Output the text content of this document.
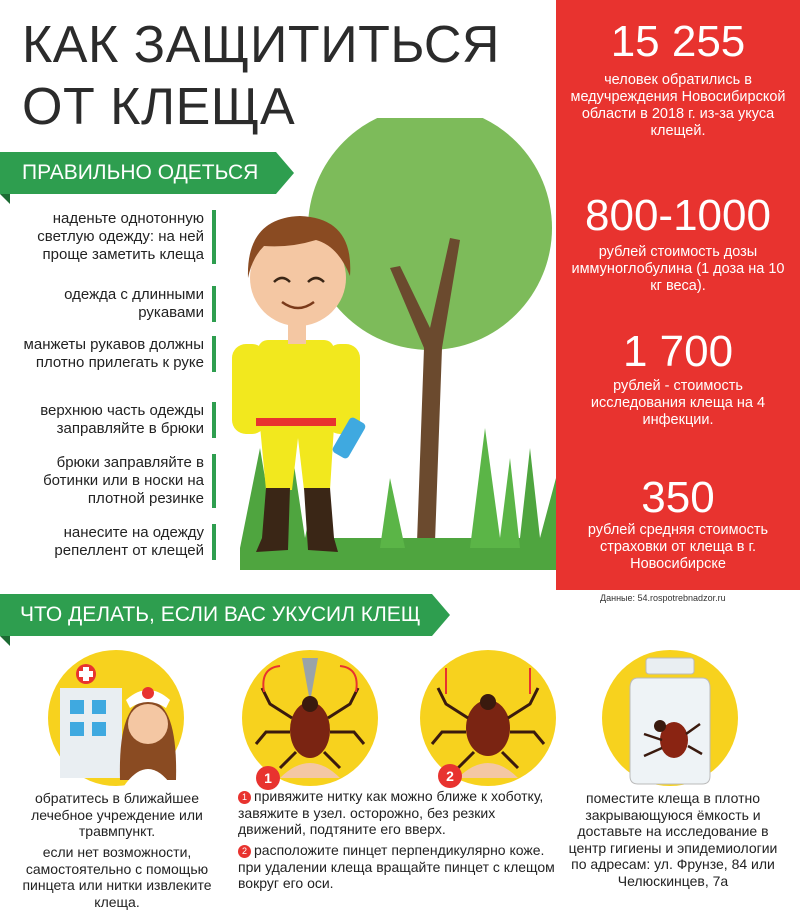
КАК ЗАЩИТИТЬСЯ
ОТ КЛЕЩА
ПРАВИЛЬНО ОДЕТЬСЯ
наденьте однотонную светлую одежду: на ней проще заметить клеща
одежда с длинными рукавами
манжеты рукавов должны плотно прилегать к руке
верхнюю часть одежды заправляйте в брюки
брюки заправляйте в ботинки или в носки на плотной резинке
нанесите на одежду репеллент от клещей
15 255
человек обратились в медучреждения Новосибирской области в 2018 г. из-за укуса клещей.
800-1000
рублей стоимость дозы иммуноглобулина (1 доза на 10 кг веса).
1 700
рублей - стоимость исследования клеща на 4 инфекции.
350
рублей средняя стоимость страховки от клеща в г. Новосибирске
Данные: 54.rospotrebnadzor.ru
ЧТО ДЕЛАТЬ, ЕСЛИ ВАС УКУСИЛ КЛЕЩ
1	2
обратитесь в ближайшее лечебное учреждение или травмпункт.
если нет возможности, самостоятельно с помощью пинцета или нитки извлеките клеща.
1 привяжите нитку как можно ближе к хоботку, завяжите в узел. осторожно, без резких движений, подтяните его вверх.
2 расположите пинцет перпендикулярно коже. при удалении клеща вращайте пинцет с клещом вокруг его оси.
поместите клеща в плотно закрывающуюся ёмкость и доставьте на исследование в центр гигиены и эпидемиологии по адресам: ул. Фрунзе, 84 или Челюскинцев, 7а
